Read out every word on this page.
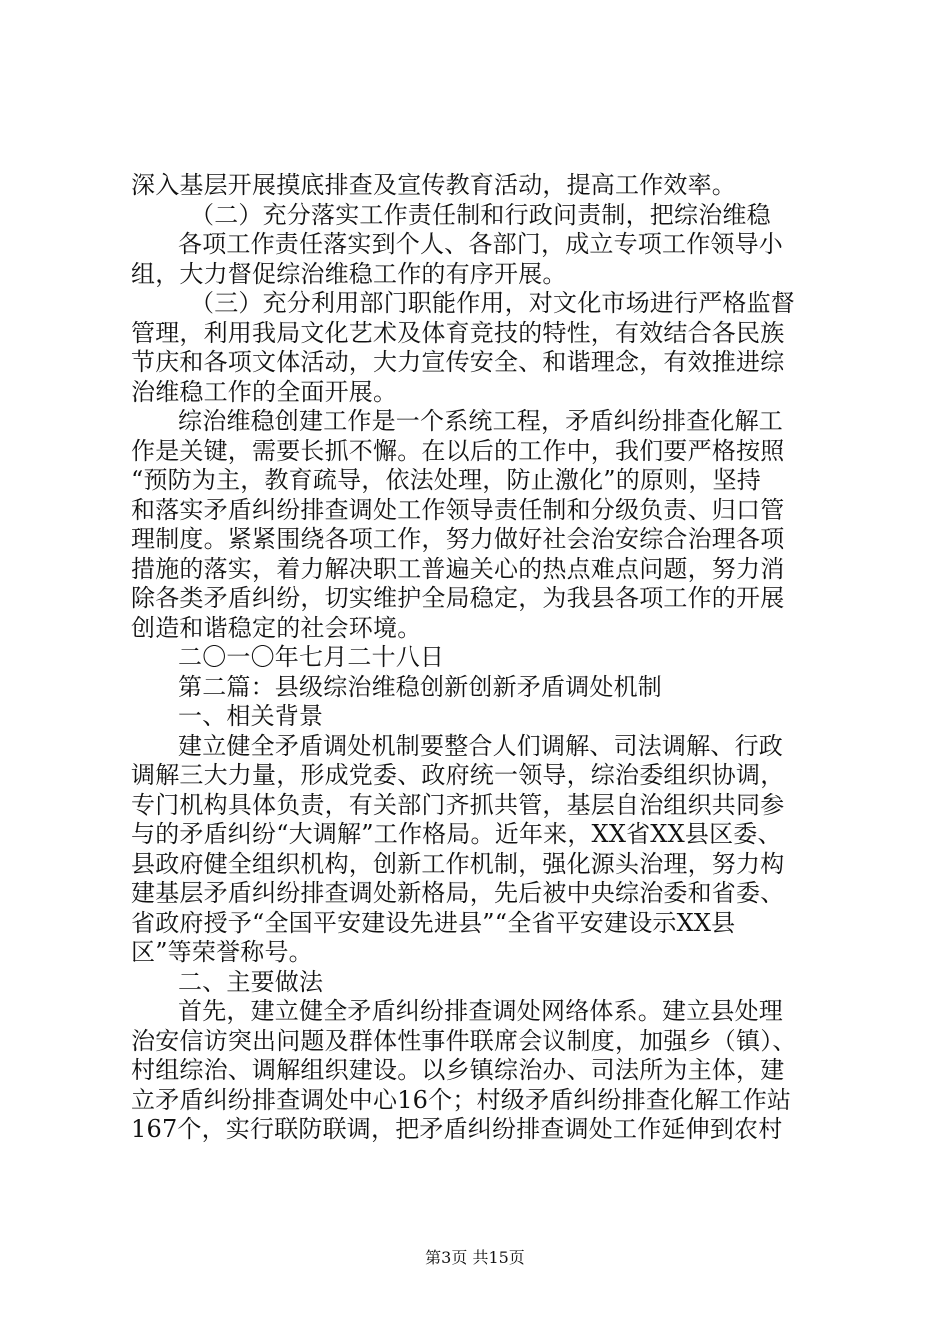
深入基层开展摸底排查及宣传教育活动，提高工作效率。
（二）充分落实工作责任制和行政问责制，把综治维稳
各项工作责任落实到个人、各部门，成立专项工作领导小
组，大力督促综治维稳工作的有序开展。
（三）充分利用部门职能作用，对文化市场进行严格监督
管理，利用我局文化艺术及体育竞技的特性，有效结合各民族
节庆和各项文体活动，大力宣传安全、和谐理念，有效推进综
治维稳工作的全面开展。
综治维稳创建工作是一个系统工程，矛盾纠纷排查化解工
作是关键，需要长抓不懈。在以后的工作中，我们要严格按照
“预防为主，教育疏导，依法处理，防止激化”的原则，坚持
和落实矛盾纠纷排查调处工作领导责任制和分级负责、归口管
理制度。紧紧围绕各项工作，努力做好社会治安综合治理各项
措施的落实，着力解决职工普遍关心的热点难点问题，努力消
除各类矛盾纠纷，切实维护全局稳定，为我县各项工作的开展
创造和谐稳定的社会环境。
二〇一〇年七月二十八日
第二篇：县级综治维稳创新创新矛盾调处机制
一、相关背景
建立健全矛盾调处机制要整合人们调解、司法调解、行政
调解三大力量，形成党委、政府统一领导，综治委组织协调，
专门机构具体负责，有关部门齐抓共管，基层自治组织共同参
与的矛盾纠纷“大调解”工作格局。近年来，XX省XX县区委、
县政府健全组织机构，创新工作机制，强化源头治理，努力构
建基层矛盾纠纷排查调处新格局，先后被中央综治委和省委、
省政府授予“全国平安建设先进县”“全省平安建设示XX县
区”等荣誉称号。
二、主要做法
首先，建立健全矛盾纠纷排查调处网络体系。建立县处理
治安信访突出问题及群体性事件联席会议制度，加强乡（镇）、
村组综治、调解组织建设。以乡镇综治办、司法所为主体，建
立矛盾纠纷排查调处中心16个；村级矛盾纠纷排查化解工作站
167个，实行联防联调，把矛盾纠纷排查调处工作延伸到农村
第3页 共15页
